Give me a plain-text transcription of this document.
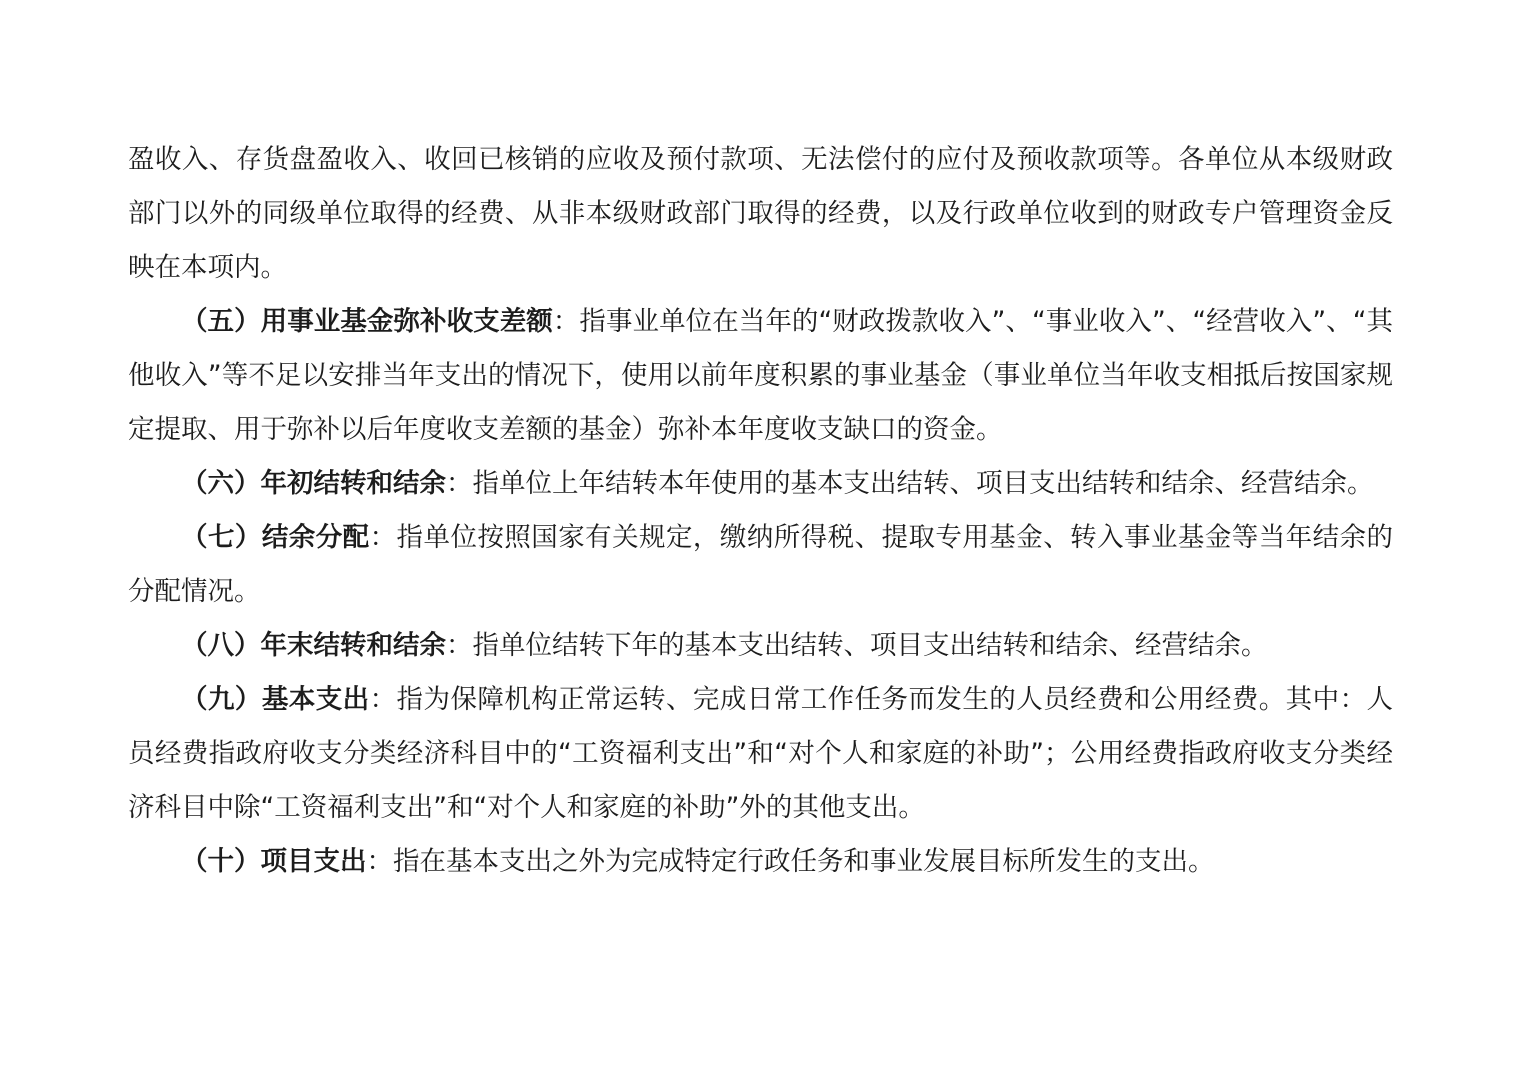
盈收入、存货盘盈收入、收回已核销的应收及预付款项、无法偿付的应付及预收款项等。各单位从本级财政部门以外的同级单位取得的经费、从非本级财政部门取得的经费，以及行政单位收到的财政专户管理资金反映在本项内。

（五）用事业基金弥补收支差额：指事业单位在当年的“财政拨款收入”、“事业收入”、“经营收入”、“其他收入”等不足以安排当年支出的情况下，使用以前年度积累的事业基金（事业单位当年收支相抵后按国家规定提取、用于弥补以后年度收支差额的基金）弥补本年度收支缺口的资金。

（六）年初结转和结余：指单位上年结转本年使用的基本支出结转、项目支出结转和结余、经营结余。

（七）结余分配：指单位按照国家有关规定，缴纳所得税、提取专用基金、转入事业基金等当年结余的分配情况。

（八）年末结转和结余：指单位结转下年的基本支出结转、项目支出结转和结余、经营结余。

（九）基本支出：指为保障机构正常运转、完成日常工作任务而发生的人员经费和公用经费。其中：人员经费指政府收支分类经济科目中的“工资福利支出”和“对个人和家庭的补助”；公用经费指政府收支分类经济科目中除“工资福利支出”和“对个人和家庭的补助”外的其他支出。

（十）项目支出：指在基本支出之外为完成特定行政任务和事业发展目标所发生的支出。
